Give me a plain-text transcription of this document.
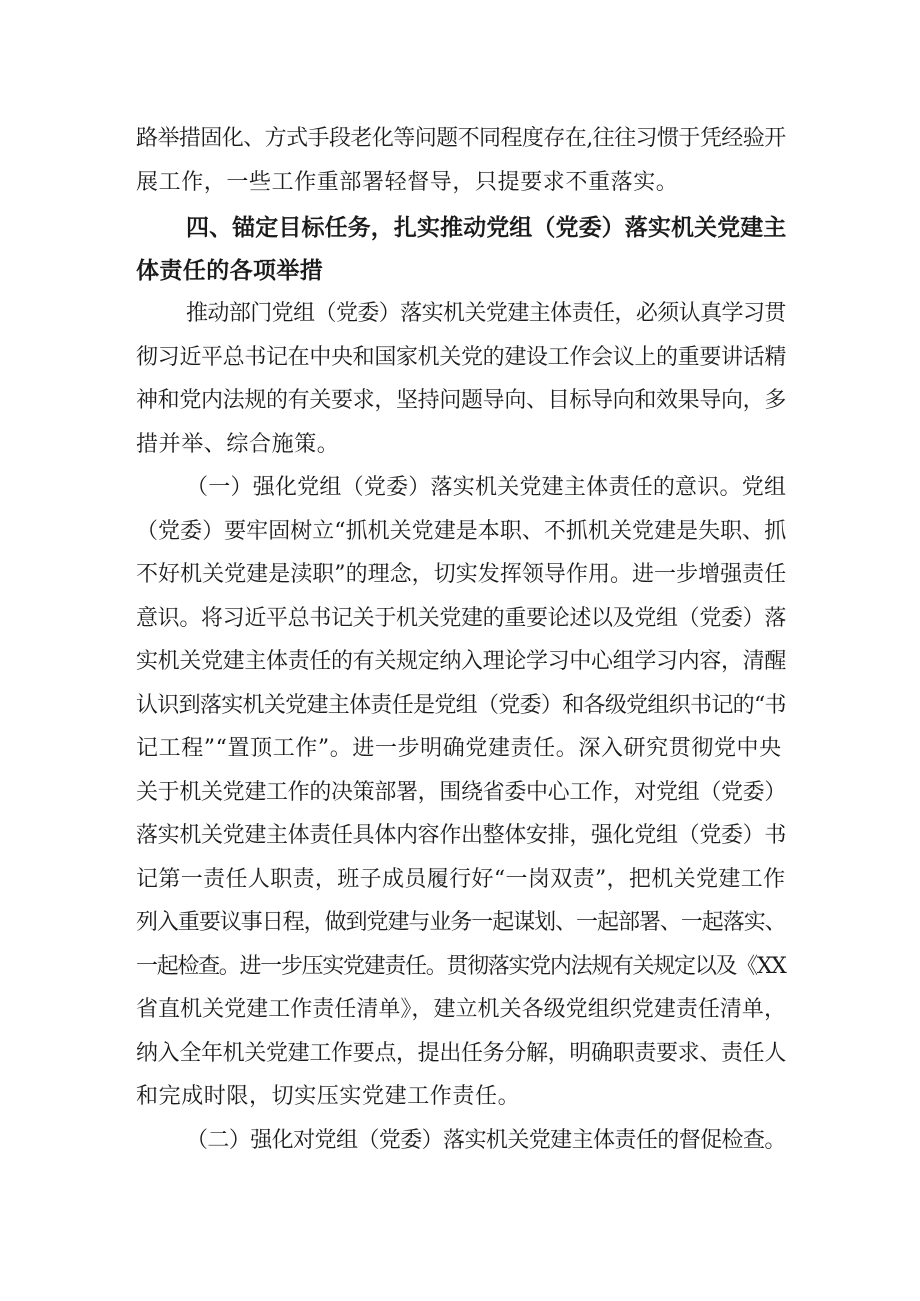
路举措固化、方式手段老化等问题不同程度存在,往往习惯于凭经验开
展工作，一些工作重部署轻督导，只提要求不重落实。
四、锚定目标任务，扎实推动党组（党委）落实机关党建主
体责任的各项举措
推动部门党组（党委）落实机关党建主体责任，必须认真学习贯
彻习近平总书记在中央和国家机关党的建设工作会议上的重要讲话精
神和党内法规的有关要求，坚持问题导向、目标导向和效果导向，多
措并举、综合施策。
（一）强化党组（党委）落实机关党建主体责任的意识。党组
（党委）要牢固树立“抓机关党建是本职、不抓机关党建是失职、抓
不好机关党建是渎职”的理念，切实发挥领导作用。进一步增强责任
意识。将习近平总书记关于机关党建的重要论述以及党组（党委）落
实机关党建主体责任的有关规定纳入理论学习中心组学习内容，清醒
认识到落实机关党建主体责任是党组（党委）和各级党组织书记的“书
记工程”“置顶工作”。进一步明确党建责任。深入研究贯彻党中央
关于机关党建工作的决策部署，围绕省委中心工作，对党组（党委）
落实机关党建主体责任具体内容作出整体安排，强化党组（党委）书
记第一责任人职责，班子成员履行好“一岗双责”，把机关党建工作
列入重要议事日程，做到党建与业务一起谋划、一起部署、一起落实、
一起检查。进一步压实党建责任。贯彻落实党内法规有关规定以及《XX
省直机关党建工作责任清单》，建立机关各级党组织党建责任清单，
纳入全年机关党建工作要点，提出任务分解，明确职责要求、责任人
和完成时限，切实压实党建工作责任。
（二）强化对党组（党委）落实机关党建主体责任的督促检查。
